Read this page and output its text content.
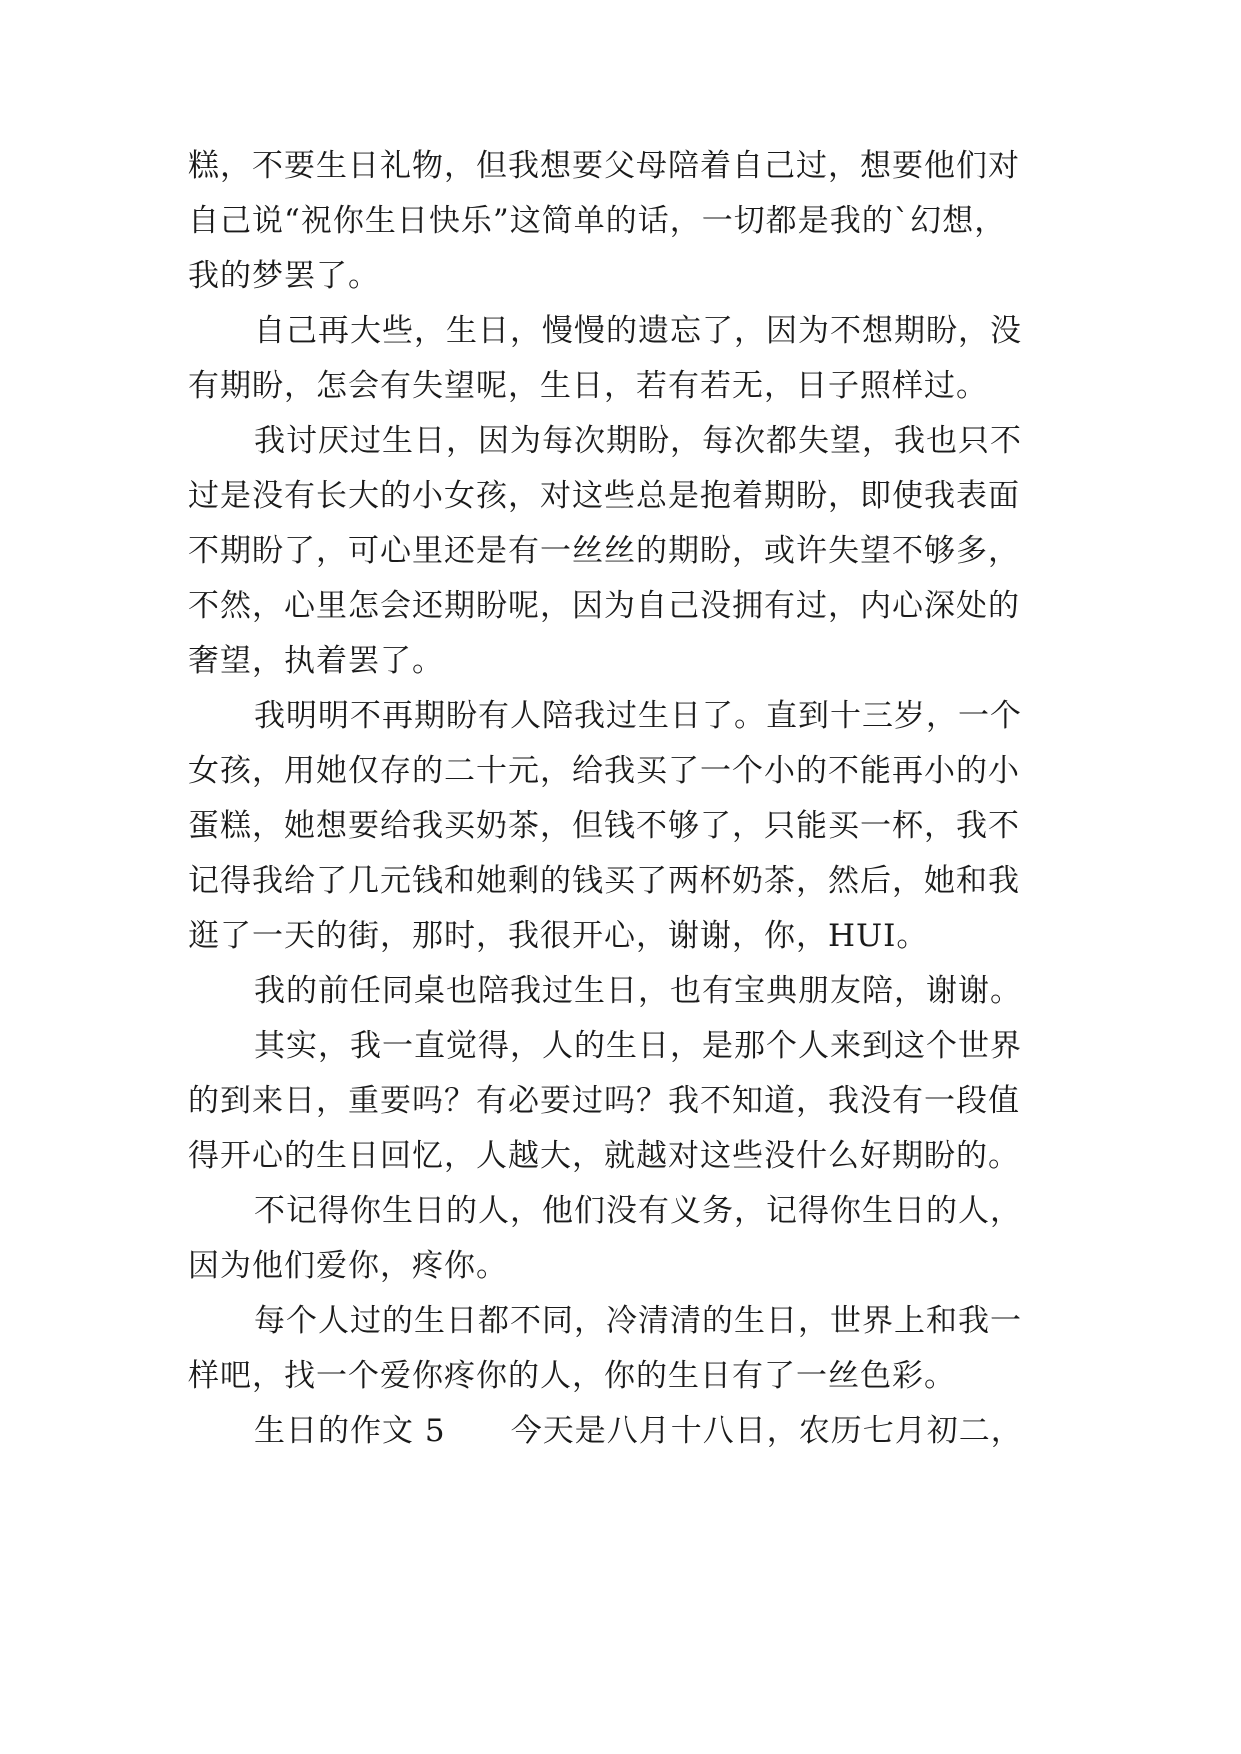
糕，不要生日礼物，但我想要父母陪着自己过，想要他们对
自己说“祝你生日快乐”这简单的话，一切都是我的`幻想，
我的梦罢了。
自己再大些，生日，慢慢的遗忘了，因为不想期盼，没
有期盼，怎会有失望呢，生日，若有若无，日子照样过。
我讨厌过生日，因为每次期盼，每次都失望，我也只不
过是没有长大的小女孩，对这些总是抱着期盼，即使我表面
不期盼了，可心里还是有一丝丝的期盼，或许失望不够多，
不然，心里怎会还期盼呢，因为自己没拥有过，内心深处的
奢望，执着罢了。
我明明不再期盼有人陪我过生日了。直到十三岁，一个
女孩，用她仅存的二十元，给我买了一个小的不能再小的小
蛋糕，她想要给我买奶茶，但钱不够了，只能买一杯，我不
记得我给了几元钱和她剩的钱买了两杯奶茶，然后，她和我
逛了一天的街，那时，我很开心，谢谢，你，HUI。
我的前任同桌也陪我过生日，也有宝典朋友陪，谢谢。
其实，我一直觉得，人的生日，是那个人来到这个世界
的到来日，重要吗？有必要过吗？我不知道，我没有一段值
得开心的生日回忆，人越大，就越对这些没什么好期盼的。
不记得你生日的人，他们没有义务，记得你生日的人，
因为他们爱你，疼你。
每个人过的生日都不同，冷清清的生日，世界上和我一
样吧，找一个爱你疼你的人，你的生日有了一丝色彩。
生日的作文 5      今天是八月十八日，农历七月初二，
